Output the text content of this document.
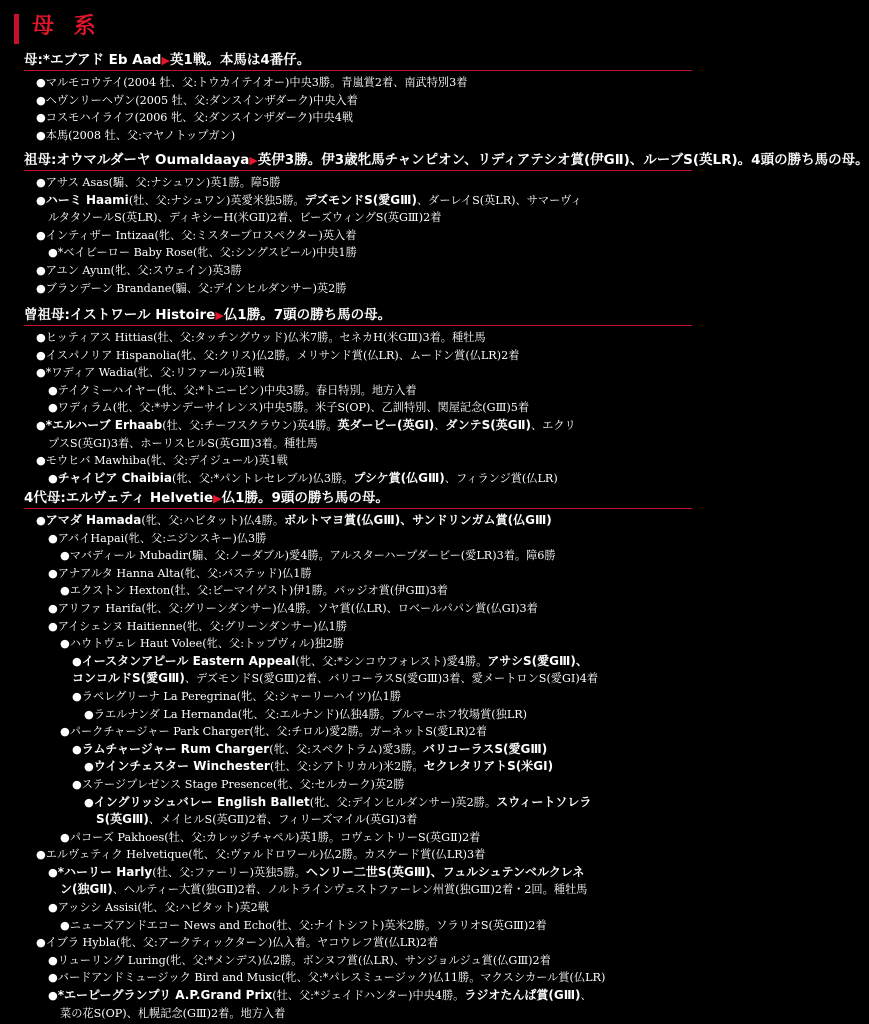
母 系
母:*エブアド Eb Aad▶英1戦。本馬は4番仔。
●マルモコウテイ(2004 牡、父:トウカイテイオー)中央3勝。青嵐賞2着、南武特別3着
●ヘヴンリーヘヴン(2005 牡、父:ダンスインザダーク)中央入着
●コスモハイライフ(2006 牝、父:ダンスインザダーク)中央4戦
●本馬(2008 牡、父:マヤノトップガン)
祖母:オウマルダーヤ Oumaldaaya▶英伊3勝。伊3歳牝馬チャンピオン、リディアテシオ賞(伊GⅡ)、ルーブS(英LR)。4頭の勝ち馬の母。
●アサス Asas(騸、父:ナシュワン)英1勝。障5勝
●ハーミ Haami(牡、父:ナシュワン)英愛米独5勝。デズモンドS(愛GⅢ)、ダーレイS(英LR)、サマーヴィ
ルタタソールS(英LR)、ディキシーH(米GⅡ)2着、ビーズウィングS(英GⅢ)2着
●インティザー Intizaa(牝、父:ミスタープロスペクター)英入着
●*ベイビーロー Baby Rose(牝、父:シングスピール)中央1勝
●アユン Ayun(牝、父:スウェイン)英3勝
●ブランデーン Brandane(騸、父:デインヒルダンサー)英2勝
曾祖母:イストワール Histoire▶仏1勝。7頭の勝ち馬の母。
●ヒッティアス Hittias(牡、父:タッチングウッド)仏米7勝。セネカH(米GⅢ)3着。種牡馬
●イスパノリア Hispanolia(牝、父:クリス)仏2勝。メリサンド賞(仏LR)、ムードン賞(仏LR)2着
●*ワディア Wadia(牝、父:リファール)英1戦
●テイクミーハイヤー(牝、父:*トニービン)中央3勝。春日特別。地方入着
●ワディラム(牝、父:*サンデーサイレンス)中央5勝。米子S(OP)、乙訓特別、関屋記念(GⅢ)5着
●*エルハーブ Erhaab(牡、父:チーフスクラウン)英4勝。英ダービー(英GⅠ)、ダンテS(英GⅡ)、エクリ
プスS(英GⅠ)3着、ホーリスヒルS(英GⅢ)3着。種牡馬
●モウヒバ Mawhiba(牝、父:デイジュール)英1戦
●チャイビア Chaibia(牝、父:*パントレセレブル)仏3勝。プシケ賞(仏GⅢ)、フィランジ賞(仏LR)
4代母:エルヴェティ Helvetie▶仏1勝。9頭の勝ち馬の母。
●アマダ Hamada(牝、父:ハビタット)仏4勝。ボルトマヨ賞(仏GⅢ)、サンドリンガム賞(仏GⅢ)
●アバイHapai(牝、父:ニジンスキー)仏3勝
●マバディール Mubadir(騸、父:ノーダブル)愛4勝。アルスターハープダービー(愛LR)3着。障6勝
●アナアルタ Hanna Alta(牝、父:バステッド)仏1勝
●エクストン Hexton(牡、父:ビーマイゲスト)伊1勝。バッジオ賞(伊GⅢ)3着
●アリファ Harifa(牝、父:グリーンダンサー)仏4勝。ソヤ賞(仏LR)、ロベールパパン賞(仏GⅠ)3着
●アイシェンヌ Haitienne(牝、父:グリーンダンサー)仏1勝
●ハウトヴェレ Haut Volee(牝、父:トップヴィル)独2勝
●イースタンアピール Eastern Appeal(牝、父:*シンコウフォレスト)愛4勝。アサシS(愛GⅢ)、
コンコルドS(愛GⅢ)、デズモンドS(愛GⅢ)2着、バリコーラスS(愛GⅢ)3着、愛メートロンS(愛GⅠ)4着
●ラペレグリーナ La Peregrina(牝、父:シャーリーハイツ)仏1勝
●ラエルナンダ La Hernanda(牝、父:エルナンド)仏独4勝。ブルマーホフ牧場賞(独LR)
●パークチャージャー Park Charger(牝、父:チロル)愛2勝。ガーネットS(愛LR)2着
●ラムチャージャー Rum Charger(牝、父:スペクトラム)愛3勝。バリコーラスS(愛GⅢ)
●ウインチェスター Winchester(牡、父:シアトリカル)米2勝。セクレタリアトS(米GⅠ)
●ステージプレゼンス Stage Presence(牝、父:セルカーク)英2勝
●イングリッシュバレー English Ballet(牝、父:デインヒルダンサー)英2勝。スウィートソレラ
S(英GⅢ)、メイヒルS(英GⅡ)2着、フィリーズマイル(英GⅠ)3着
●パコーズ Pakhoes(牡、父:カレッジチャペル)英1勝。コヴェントリーS(英GⅡ)2着
●エルヴェティク Helvetique(牝、父:ヴァルドロワール)仏2勝。カスケード賞(仏LR)3着
●*ハーリー Harly(牡、父:ファーリー)英独5勝。ヘンリー二世S(英GⅢ)、フュルシュテンベルクレネ
ン(独GⅡ)、ヘルティー大賞(独GⅡ)2着、ノルトラインヴェストファーレン州賞(独GⅢ)2着・2回。種牡馬
●アッシシ Assisi(牝、父:ハビタット)英2戦
●ニューズアンドエコー News and Echo(牡、父:ナイトシフト)英米2勝。ソラリオS(英GⅢ)2着
●イブラ Hybla(牝、父:アークティックターン)仏入着。ヤコウレフ賞(仏LR)2着
●リューリング Luring(牝、父:*メンデス)仏2勝。ボンヌフ賞(仏LR)、サンジョルジュ賞(仏GⅢ)2着
●バードアンドミュージック Bird and Music(牝、父:*パレスミュージック)仏11勝。マクスシカール賞(仏LR)
●*エーピーグランプリ A.P.Grand Prix(牡、父:*ジェイドハンター)中央4勝。ラジオたんぱ賞(GⅢ)、
菜の花S(OP)、札幌記念(GⅢ)2着。地方入着
